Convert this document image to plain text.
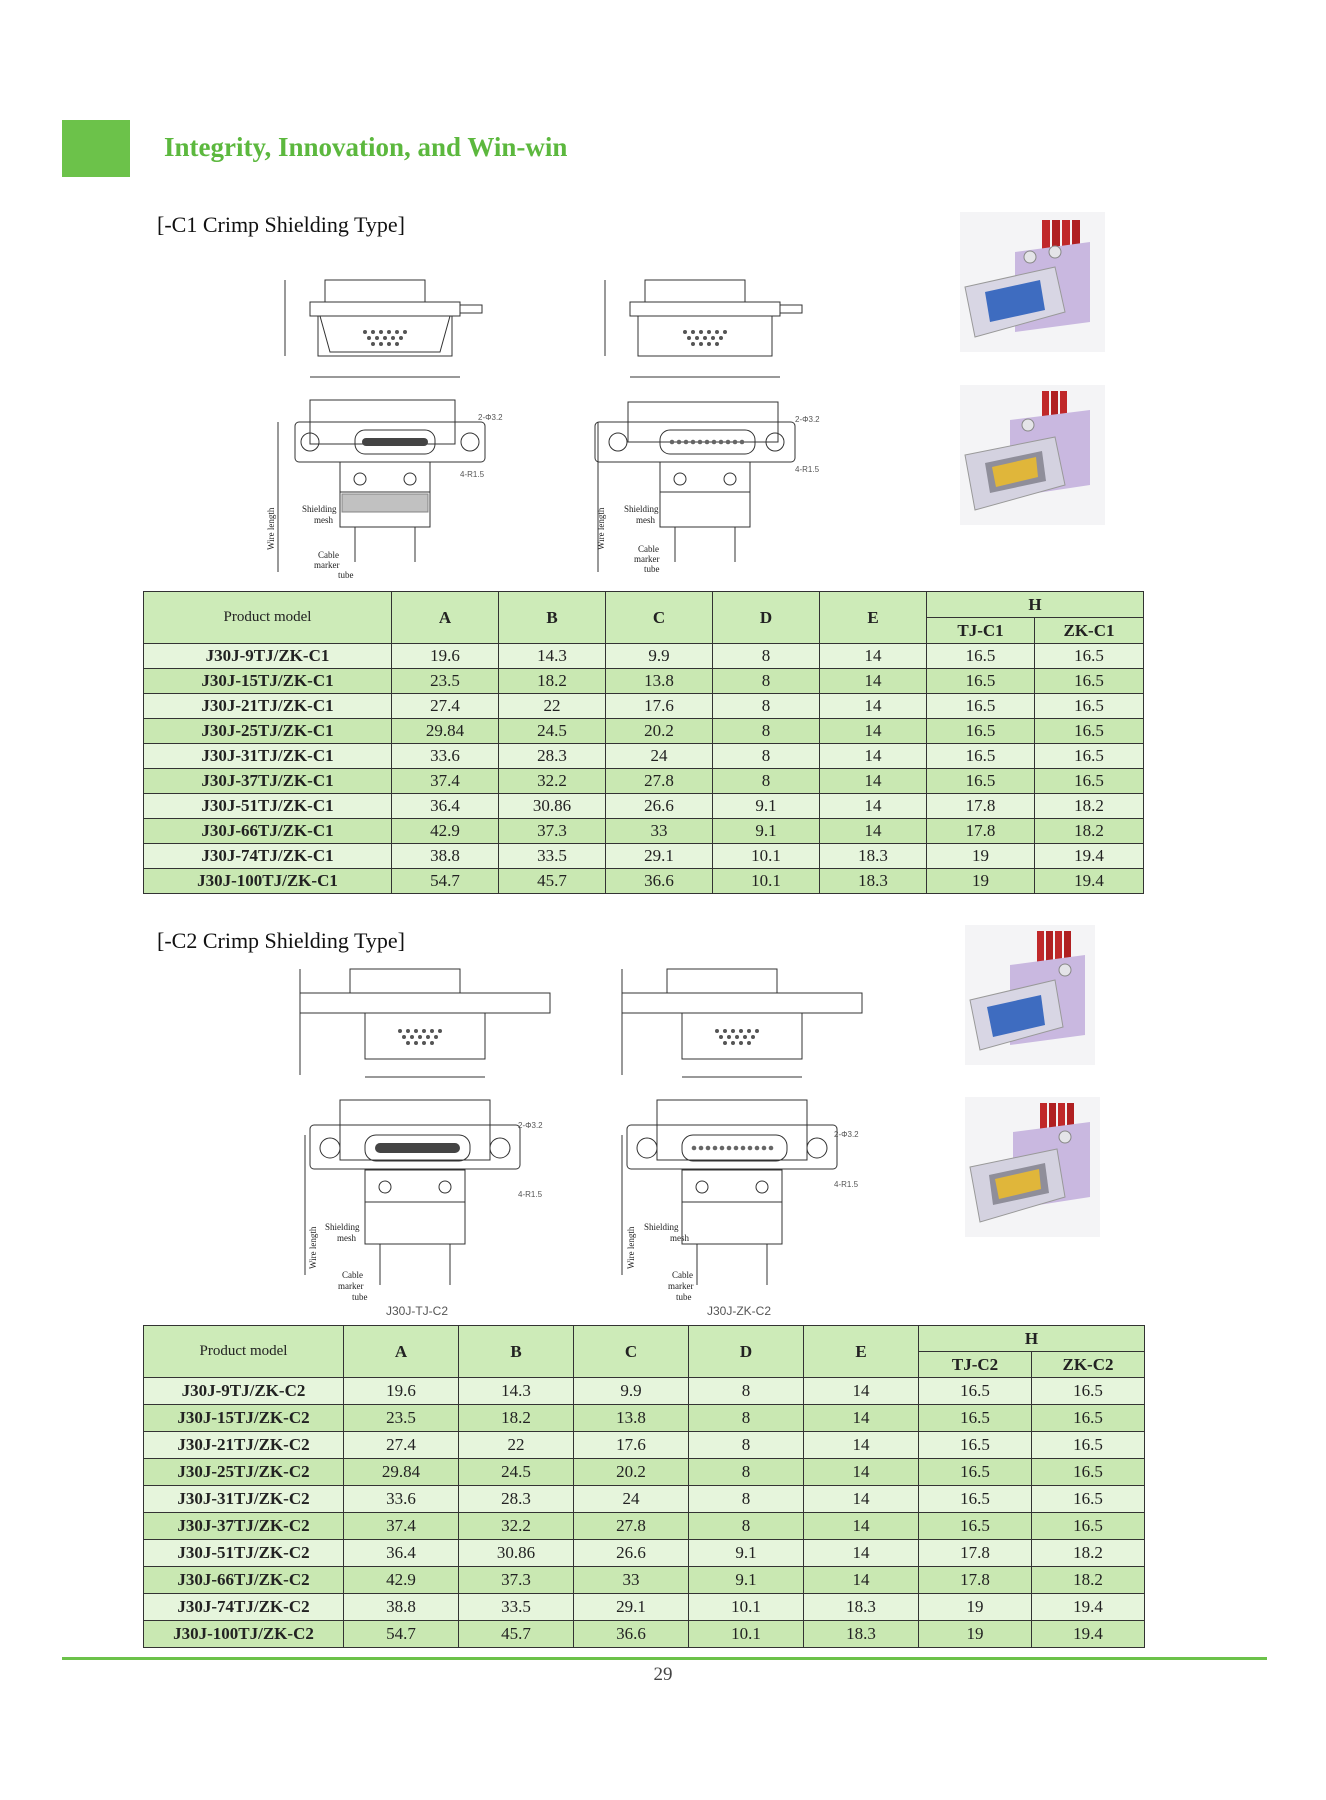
Integrity, Innovation, and Win-win
[-C1 Crimp Shielding Type]
2-Φ3.2
4-R1.5
Shielding
mesh
Cable
marker
tube
Wire length
2-Φ3.2
4-R1.5
Shielding
mesh
Cable
marker
tube
Wire length
Product model	A	B	C	D	E	H	
						TJ-C1	ZK-C1
J30J-9TJ/ZK-C1	19.6	14.3	9.9	8	14	16.5	16.5
J30J-15TJ/ZK-C1	23.5	18.2	13.8	8	14	16.5	16.5
J30J-21TJ/ZK-C1	27.4	22	17.6	8	14	16.5	16.5
J30J-25TJ/ZK-C1	29.84	24.5	20.2	8	14	16.5	16.5
J30J-31TJ/ZK-C1	33.6	28.3	24	8	14	16.5	16.5
J30J-37TJ/ZK-C1	37.4	32.2	27.8	8	14	16.5	16.5
J30J-51TJ/ZK-C1	36.4	30.86	26.6	9.1	14	17.8	18.2
J30J-66TJ/ZK-C1	42.9	37.3	33	9.1	14	17.8	18.2
J30J-74TJ/ZK-C1	38.8	33.5	29.1	10.1	18.3	19	19.4
J30J-100TJ/ZK-C1	54.7	45.7	36.6	10.1	18.3	19	19.4
[-C2 Crimp Shielding Type]
2-Φ3.2
4-R1.5
Shielding
mesh
Cable
marker
tube
J30J-TJ-C2
Wire length
2-Φ3.2
4-R1.5
Shielding
mesh
Cable
marker
tube
J30J-ZK-C2
Wire length
Product model	A	B	C	D	E	H	
						TJ-C2	ZK-C2
J30J-9TJ/ZK-C2	19.6	14.3	9.9	8	14	16.5	16.5
J30J-15TJ/ZK-C2	23.5	18.2	13.8	8	14	16.5	16.5
J30J-21TJ/ZK-C2	27.4	22	17.6	8	14	16.5	16.5
J30J-25TJ/ZK-C2	29.84	24.5	20.2	8	14	16.5	16.5
J30J-31TJ/ZK-C2	33.6	28.3	24	8	14	16.5	16.5
J30J-37TJ/ZK-C2	37.4	32.2	27.8	8	14	16.5	16.5
J30J-51TJ/ZK-C2	36.4	30.86	26.6	9.1	14	17.8	18.2
J30J-66TJ/ZK-C2	42.9	37.3	33	9.1	14	17.8	18.2
J30J-74TJ/ZK-C2	38.8	33.5	29.1	10.1	18.3	19	19.4
J30J-100TJ/ZK-C2	54.7	45.7	36.6	10.1	18.3	19	19.4
29
